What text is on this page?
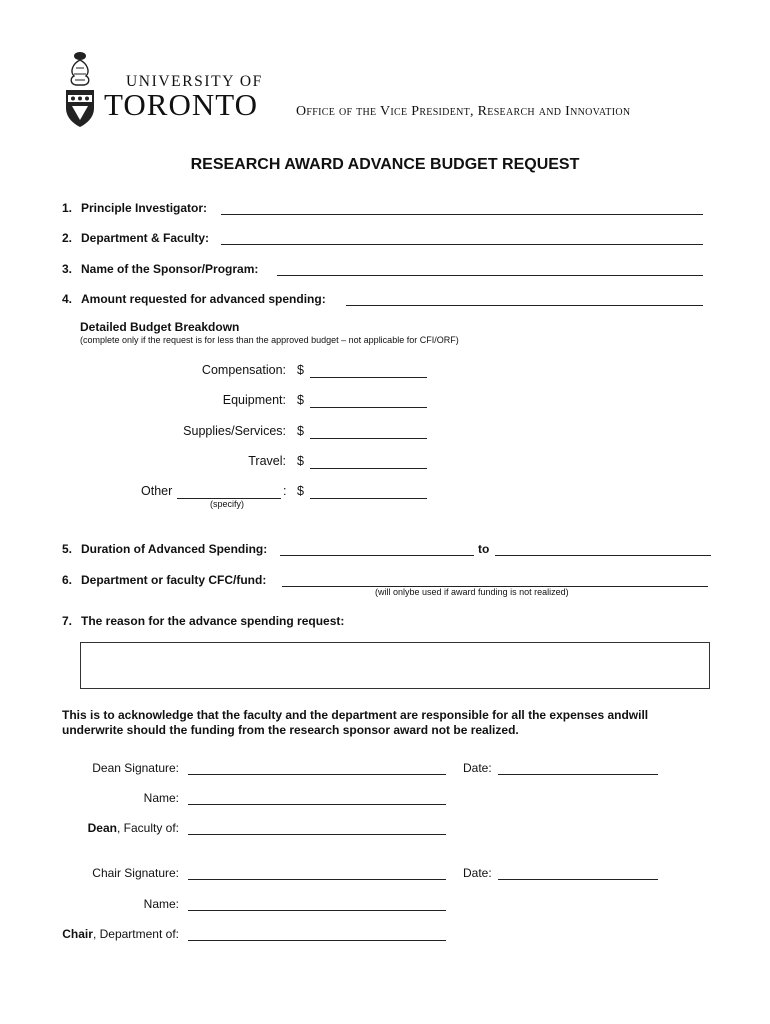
UNIVERSITY OF
TORONTO	Office of the Vice President, Research and Innovation
RESEARCH AWARD ADVANCE BUDGET REQUEST
1. Principle Investigator:
2. Department & Faculty:
3. Name of the Sponsor/Program:
4. Amount requested for advanced spending:
Detailed Budget Breakdown
(complete only if the request is for less than the approved budget – not applicable for CFI/ORF)
Compensation: $
Equipment: $
Supplies/Services: $
Travel: $
Other	: $
(specify)
5. Duration of Advanced Spending:	to
6. Department or faculty CFC/fund:
(will onlybe used if award funding is not realized)
7. The reason for the advance spending request:
This is to acknowledge that the faculty and the department are responsible for all the expenses andwill underwrite should the funding from the research sponsor award not be realized.
Dean Signature:	Date:
Name:
Dean, Faculty of:
Chair Signature:	Date:
Name:
Chair, Department of:
